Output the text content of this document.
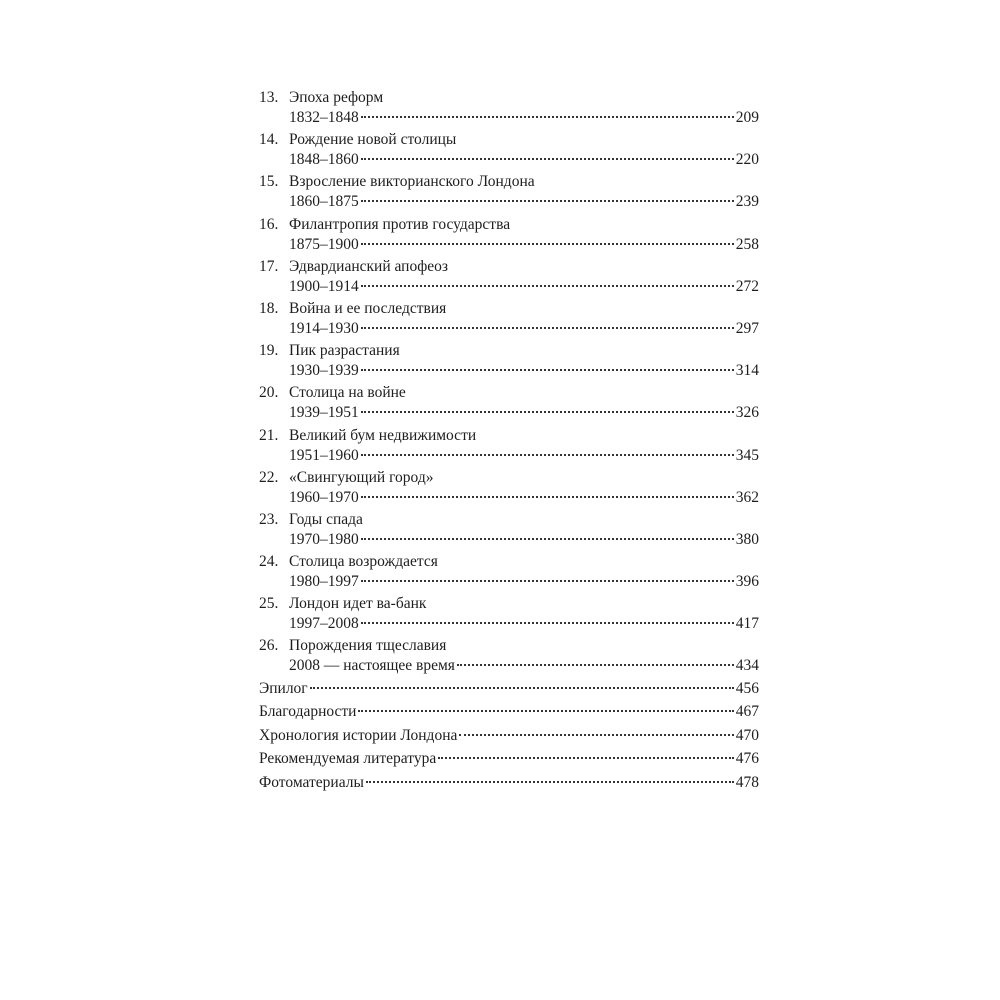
13. Эпоха реформ
1832–1848	209
14. Рождение новой столицы
1848–1860	220
15. Взросление викторианского Лондона
1860–1875	239
16. Филантропия против государства
1875–1900	258
17. Эдвардианский апофеоз
1900–1914	272
18. Война и ее последствия
1914–1930	297
19. Пик разрастания
1930–1939	314
20. Столица на войне
1939–1951	326
21. Великий бум недвижимости
1951–1960	345
22. «Свингующий город»
1960–1970	362
23. Годы спада
1970–1980	380
24. Столица возрождается
1980–1997	396
25. Лондон идет ва-банк
1997–2008	417
26. Порождения тщеславия
2008 — настоящее время	434
Эпилог	456
Благодарности	467
Хронология истории Лондона	470
Рекомендуемая литература	476
Фотоматериалы	478
